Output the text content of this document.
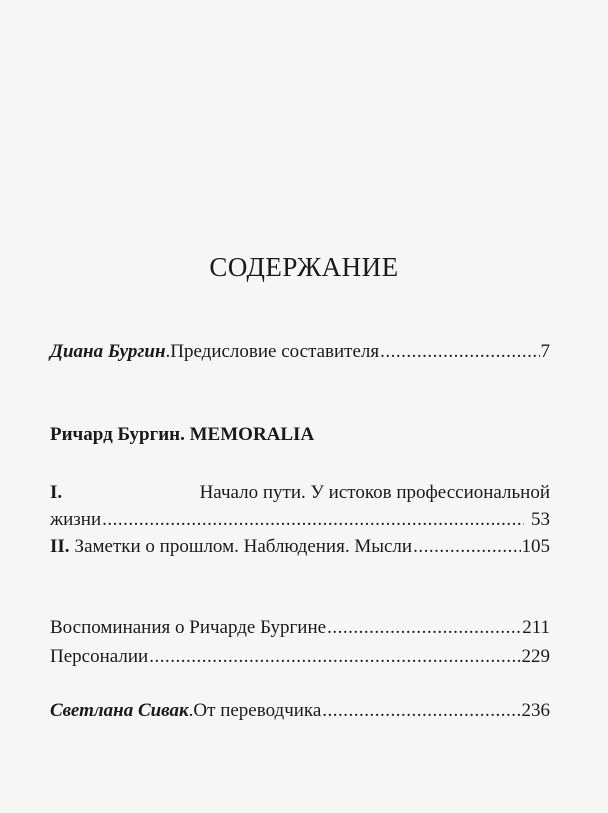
СОДЕРЖАНИЕ
Диана Бургин . Предисловие составителя .....	7
Ричард Бургин. MEMORALIA
I.	Начало пути. У истоков профессиональной
жизни .....	53
II. Заметки о прошлом. Наблюдения. Мысли .....	105
Воспоминания о Ричарде Бургине .....	211
Персоналии .....	229
Светлана Сивак . От переводчика .....	236
